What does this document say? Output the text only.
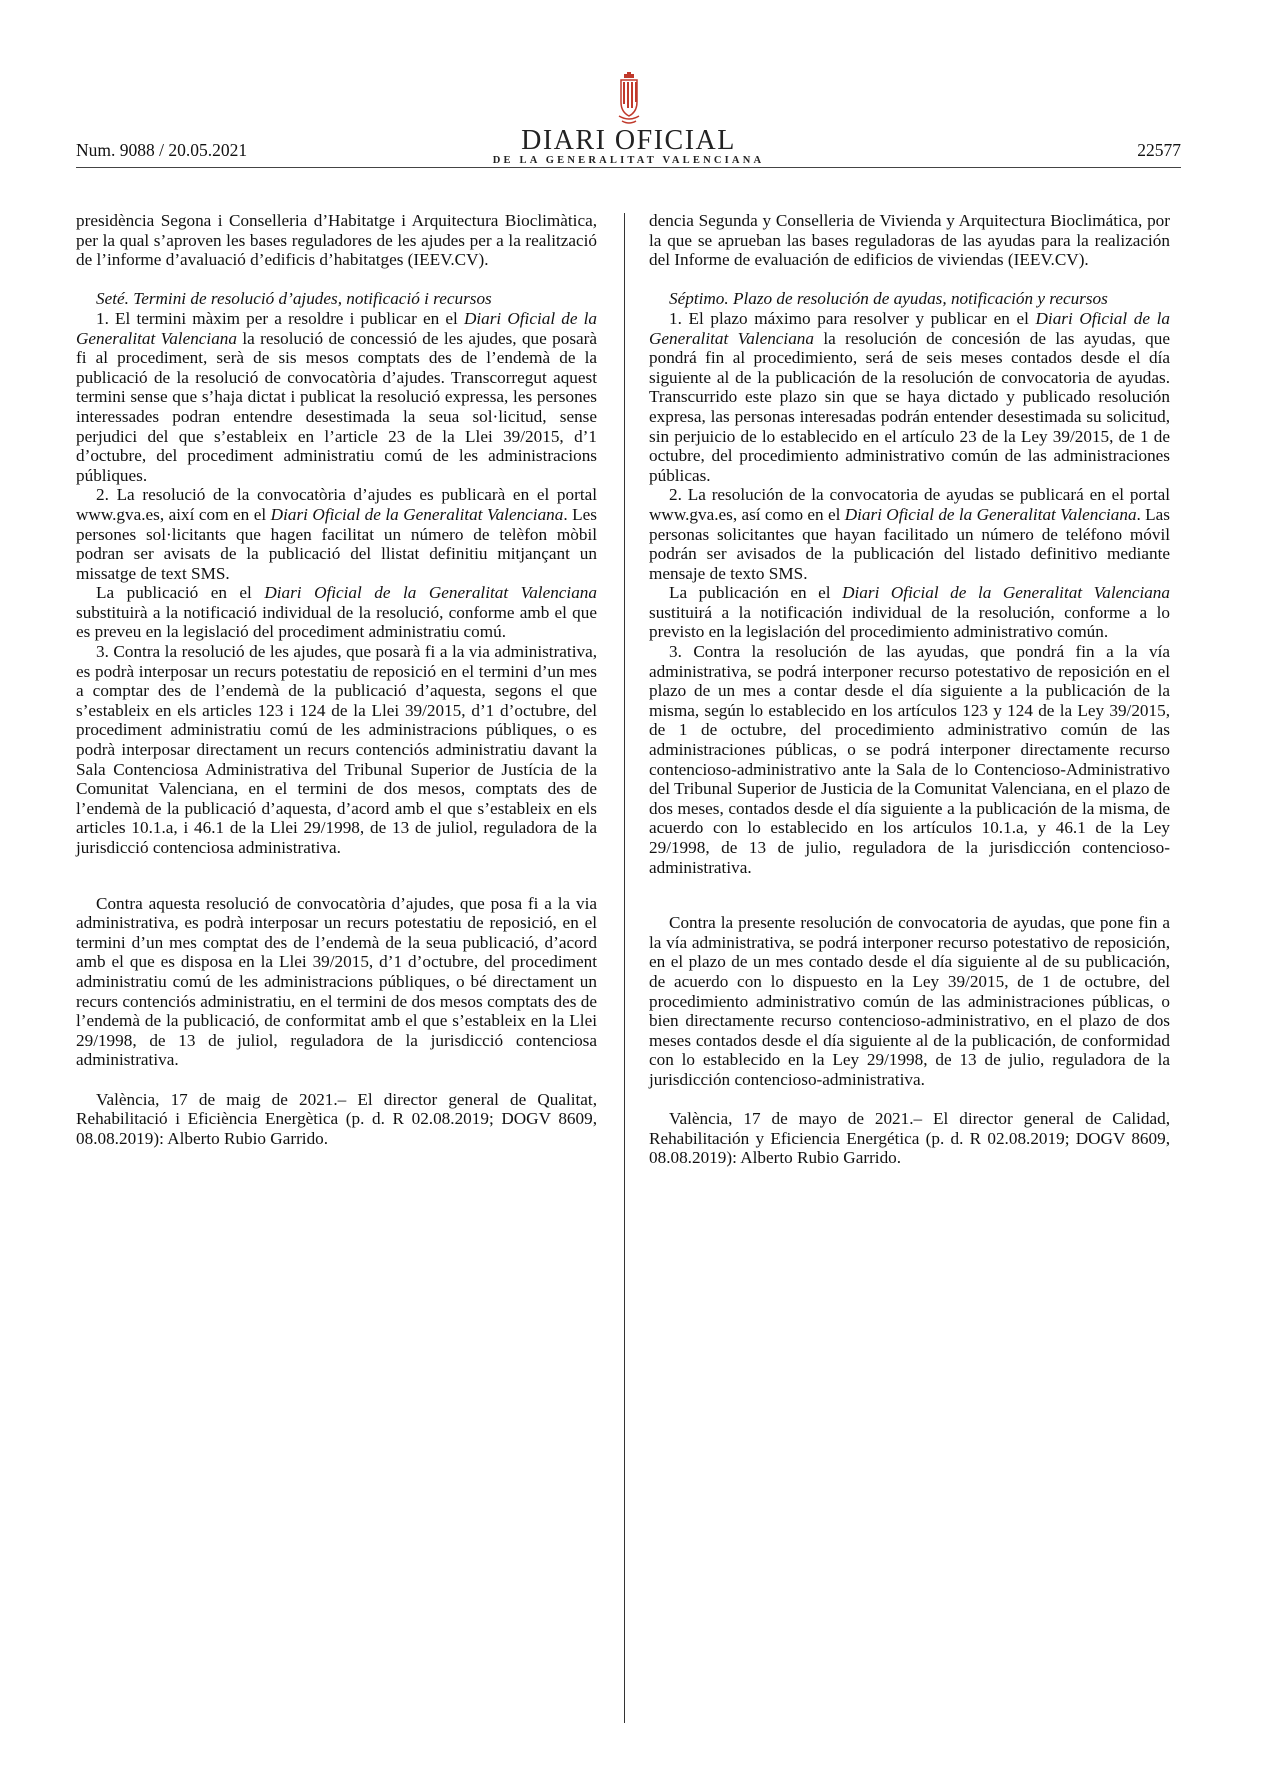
Num. 9088 / 20.05.2021	DIARI OFICIAL
DE LA GENERALITAT VALENCIANA
22577

presidència Segona i Conselleria d’Habitatge i Arquitectura Bioclimàtica, per la qual s’aproven les bases reguladores de les ajudes per a la realització de l’informe d’avaluació d’edificis d’habitatges (IEEV.CV).

Seté. Termini de resolució d’ajudes, notificació i recursos

1. El termini màxim per a resoldre i publicar en el Diari Oficial de la Generalitat Valenciana la resolució de concessió de les ajudes, que posarà fi al procediment, serà de sis mesos comptats des de l’endemà de la publicació de la resolució de convocatòria d’ajudes. Transcorregut aquest termini sense que s’haja dictat i publicat la resolució expressa, les persones interessades podran entendre desestimada la seua sol·licitud, sense perjudici del que s’estableix en l’article 23 de la Llei 39/2015, d’1 d’octubre, del procediment administratiu comú de les administracions públiques.

2. La resolució de la convocatòria d’ajudes es publicarà en el portal www.gva.es, així com en el Diari Oficial de la Generalitat Valenciana. Les persones sol·licitants que hagen facilitat un número de telèfon mòbil podran ser avisats de la publicació del llistat definitiu mitjançant un missatge de text SMS.

La publicació en el Diari Oficial de la Generalitat Valenciana substituirà a la notificació individual de la resolució, conforme amb el que es preveu en la legislació del procediment administratiu comú.

3. Contra la resolució de les ajudes, que posarà fi a la via administrativa, es podrà interposar un recurs potestatiu de reposició en el termini d’un mes a comptar des de l’endemà de la publicació d’aquesta, segons el que s’estableix en els articles 123 i 124 de la Llei 39/2015, d’1 d’octubre, del procediment administratiu comú de les administracions públiques, o es podrà interposar directament un recurs contenciós administratiu davant la Sala Contenciosa Administrativa del Tribunal Superior de Justícia de la Comunitat Valenciana, en el termini de dos mesos, comptats des de l’endemà de la publicació d’aquesta, d’acord amb el que s’estableix en els articles 10.1.a, i 46.1 de la Llei 29/1998, de 13 de juliol, reguladora de la jurisdicció contenciosa administrativa.

Contra aquesta resolució de convocatòria d’ajudes, que posa fi a la via administrativa, es podrà interposar un recurs potestatiu de reposició, en el termini d’un mes comptat des de l’endemà de la seua publicació, d’acord amb el que es disposa en la Llei 39/2015, d’1 d’octubre, del procediment administratiu comú de les administracions públiques, o bé directament un recurs contenciós administratiu, en el termini de dos mesos comptats des de l’endemà de la publicació, de conformitat amb el que s’estableix en la Llei 29/1998, de 13 de juliol, reguladora de la jurisdicció contenciosa administrativa.

València, 17 de maig de 2021.– El director general de Qualitat, Rehabilitació i Eficiència Energètica (p. d. R 02.08.2019; DOGV 8609, 08.08.2019): Alberto Rubio Garrido.

dencia Segunda y Conselleria de Vivienda y Arquitectura Bioclimática, por la que se aprueban las bases reguladoras de las ayudas para la realización del Informe de evaluación de edificios de viviendas (IEEV.CV).

Séptimo. Plazo de resolución de ayudas, notificación y recursos

1. El plazo máximo para resolver y publicar en el Diari Oficial de la Generalitat Valenciana la resolución de concesión de las ayudas, que pondrá fin al procedimiento, será de seis meses contados desde el día siguiente al de la publicación de la resolución de convocatoria de ayudas. Transcurrido este plazo sin que se haya dictado y publicado resolución expresa, las personas interesadas podrán entender desestimada su solicitud, sin perjuicio de lo establecido en el artículo 23 de la Ley 39/2015, de 1 de octubre, del procedimiento administrativo común de las administraciones públicas.

2. La resolución de la convocatoria de ayudas se publicará en el portal www.gva.es, así como en el Diari Oficial de la Generalitat Valenciana. Las personas solicitantes que hayan facilitado un número de teléfono móvil podrán ser avisados de la publicación del listado definitivo mediante mensaje de texto SMS.

La publicación en el Diari Oficial de la Generalitat Valenciana sustituirá a la notificación individual de la resolución, conforme a lo previsto en la legislación del procedimiento administrativo común.

3. Contra la resolución de las ayudas, que pondrá fin a la vía administrativa, se podrá interponer recurso potestativo de reposición en el plazo de un mes a contar desde el día siguiente a la publicación de la misma, según lo establecido en los artículos 123 y 124 de la Ley 39/2015, de 1 de octubre, del procedimiento administrativo común de las administraciones públicas, o se podrá interponer directamente recurso contencioso-administrativo ante la Sala de lo Contencioso-Administrativo del Tribunal Superior de Justicia de la Comunitat Valenciana, en el plazo de dos meses, contados desde el día siguiente a la publicación de la misma, de acuerdo con lo establecido en los artículos 10.1.a, y 46.1 de la Ley 29/1998, de 13 de julio, reguladora de la jurisdicción contencioso-administrativa.

Contra la presente resolución de convocatoria de ayudas, que pone fin a la vía administrativa, se podrá interponer recurso potestativo de reposición, en el plazo de un mes contado desde el día siguiente al de su publicación, de acuerdo con lo dispuesto en la Ley 39/2015, de 1 de octubre, del procedimiento administrativo común de las administraciones públicas, o bien directamente recurso contencioso-administrativo, en el plazo de dos meses contados desde el día siguiente al de la publicación, de conformidad con lo establecido en la Ley 29/1998, de 13 de julio, reguladora de la jurisdicción contencioso-administrativa.

València, 17 de mayo de 2021.– El director general de Calidad, Rehabilitación y Eficiencia Energética (p. d. R 02.08.2019; DOGV 8609, 08.08.2019): Alberto Rubio Garrido.
